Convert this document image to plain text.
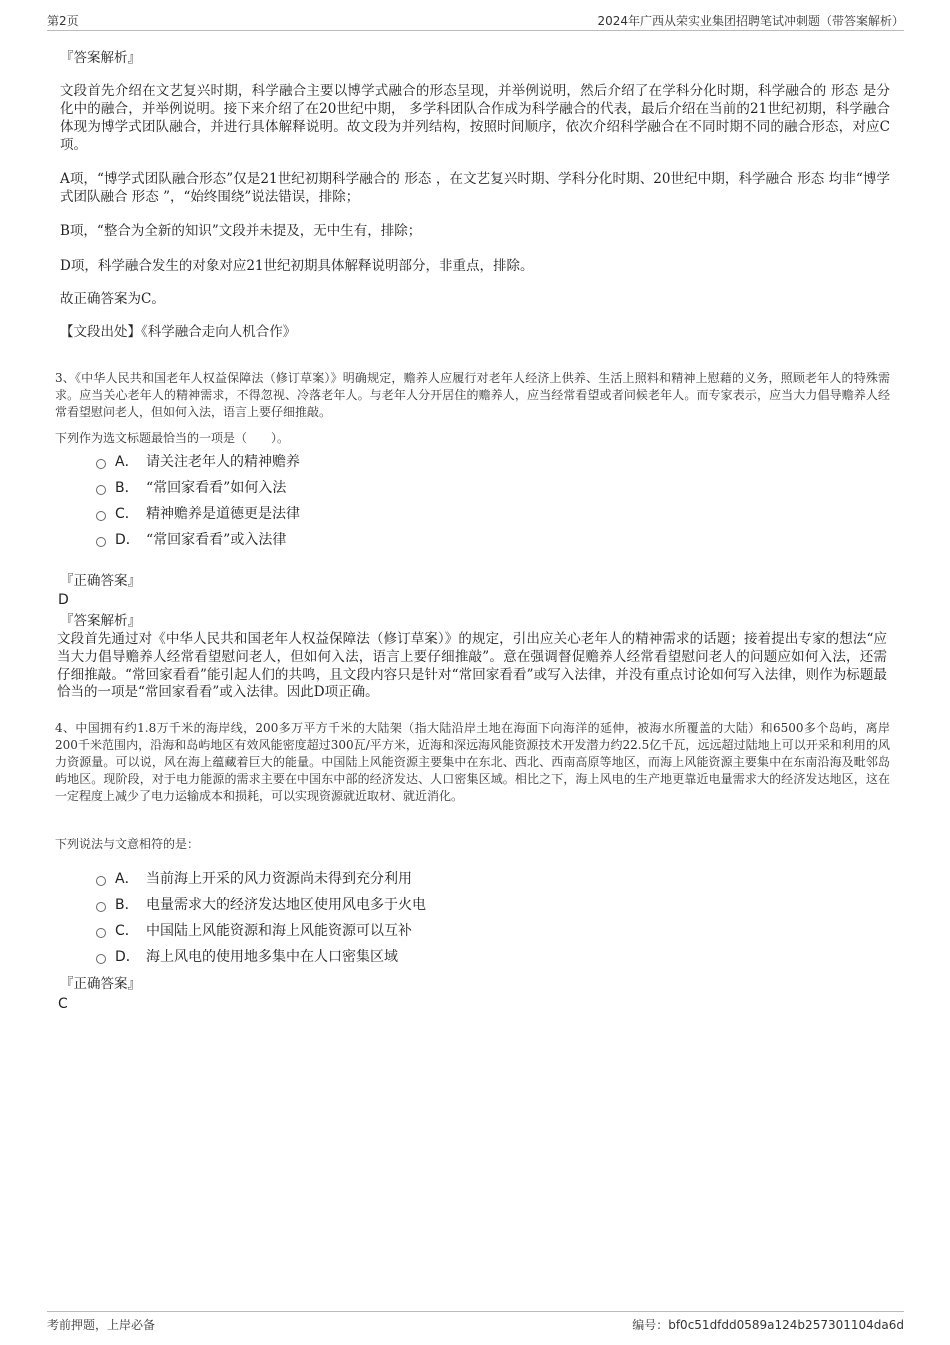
第2页	2024年广西从荣实业集团招聘笔试冲刺题（带答案解析）
『答案解析』
文段首先介绍在文艺复兴时期，科学融合主要以博学式融合的形态呈现，并举例说明，然后介绍了在学科分化时期，科学融合的 形态 是分化中的融合，并举例说明。接下来介绍了在20世纪中期， 多学科团队合作成为科学融合的代表，最后介绍在当前的21世纪初期，科学融合体现为博学式团队融合，并进行具体解释说明。故文段为并列结构，按照时间顺序，依次介绍科学融合在不同时期不同的融合形态，对应C项。
A项，“博学式团队融合形态”仅是21世纪初期科学融合的 形态 ，在文艺复兴时期、学科分化时期、20世纪中期，科学融合 形态 均非“博学式团队融合 形态 ”，“始终围绕”说法错误，排除；
B项，“整合为全新的知识”文段并未提及，无中生有，排除；
D项，科学融合发生的对象对应21世纪初期具体解释说明部分，非重点，排除。
故正确答案为C。
【文段出处】《科学融合走向人机合作》
3、《中华人民共和国老年人权益保障法（修订草案）》明确规定，赡养人应履行对老年人经济上供养、生活上照料和精神上慰藉的义务，照顾老年人的特殊需求。应当关心老年人的精神需求，不得忽视、冷落老年人。与老年人分开居住的赡养人，应当经常看望或者问候老年人。而专家表示，应当大力倡导赡养人经常看望慰问老人，但如何入法，语言上要仔细推敲。
下列作为选文标题最恰当的一项是（　　）。
A． 请关注老年人的精神赡养
B． “常回家看看”如何入法
C． 精神赡养是道德更是法律
D． “常回家看看”或入法律
『正确答案』
D
『答案解析』
文段首先通过对《中华人民共和国老年人权益保障法（修订草案）》的规定，引出应关心老年人的精神需求的话题；接着提出专家的想法“应当大力倡导赡养人经常看望慰问老人，但如何入法，语言上要仔细推敲”。意在强调督促赡养人经常看望慰问老人的问题应如何入法，还需仔细推敲。“常回家看看”能引起人们的共鸣，且文段内容只是针对“常回家看看”或写入法律，并没有重点讨论如何写入法律，则作为标题最恰当的一项是“常回家看看”或入法律。因此D项正确。
4、中国拥有约1.8万千米的海岸线，200多万平方千米的大陆架（指大陆沿岸土地在海面下向海洋的延伸，被海水所覆盖的大陆）和6500多个岛屿，离岸200千米范围内，沿海和岛屿地区有效风能密度超过300瓦/平方米，近海和深远海风能资源技术开发潜力约22.5亿千瓦，远远超过陆地上可以开采和利用的风力资源量。可以说，风在海上蕴藏着巨大的能量。中国陆上风能资源主要集中在东北、西北、西南高原等地区，而海上风能资源主要集中在东南沿海及毗邻岛屿地区。现阶段，对于电力能源的需求主要在中国东中部的经济发达、人口密集区域。相比之下，海上风电的生产地更靠近电量需求大的经济发达地区，这在一定程度上减少了电力运输成本和损耗，可以实现资源就近取材、就近消化。
下列说法与文意相符的是：
A． 当前海上开采的风力资源尚未得到充分利用
B． 电量需求大的经济发达地区使用风电多于火电
C． 中国陆上风能资源和海上风能资源可以互补
D． 海上风电的使用地多集中在人口密集区域
『正确答案』
C
考前押题，上岸必备	编号：bf0c51dfdd0589a124b257301104da6d
